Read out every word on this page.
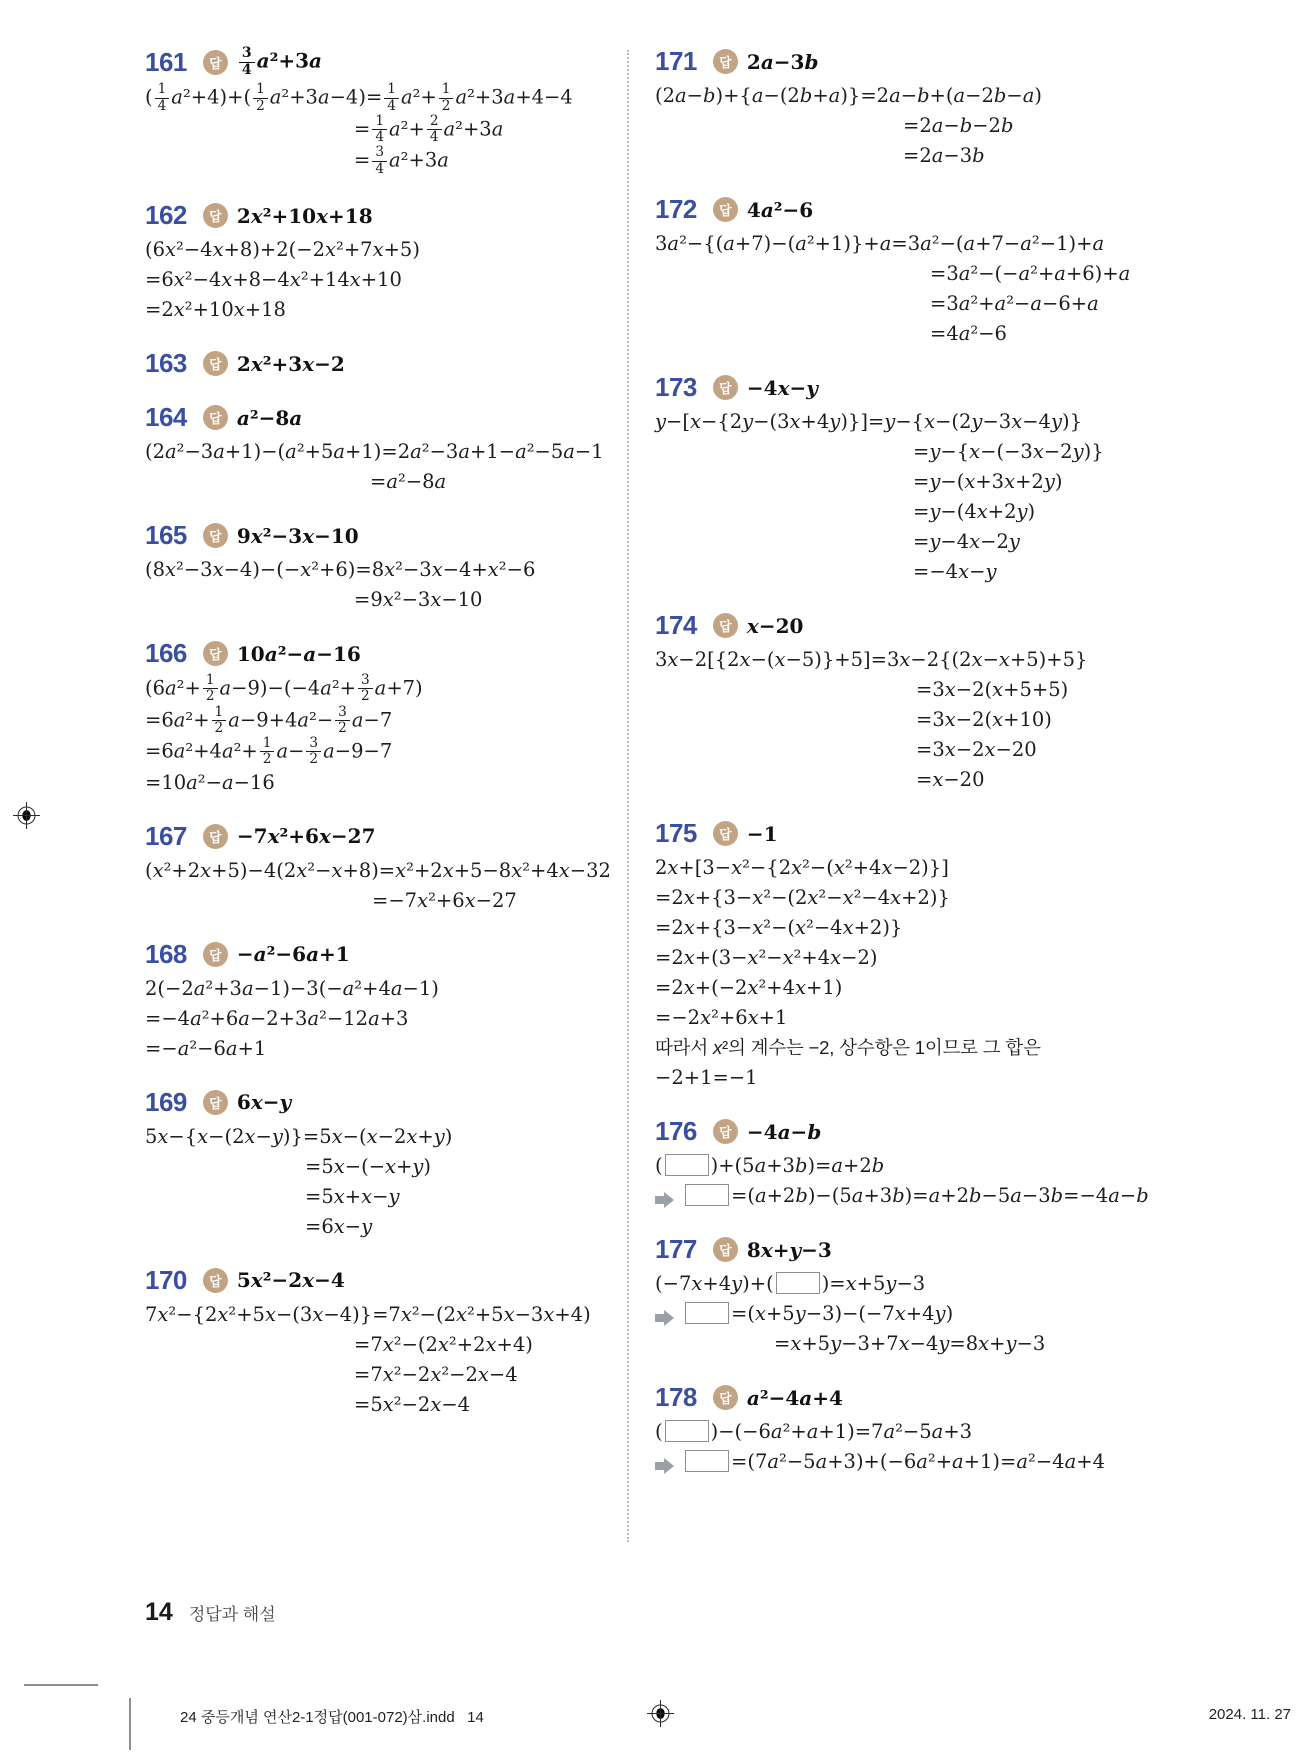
161	답	$\frac{3}{4} a^2+3a$
( $\frac{1}{4} a^2+4)+( \frac{1}{2} a^2+3a-4)= \frac{1}{4} a^2+ \frac{1}{2} a^2+3a+4-4$
= $\frac{1}{4} a^2+ \frac{2}{4} a^2+3a$
= $\frac{3}{4} a^2+3a$
162	답 2x²+10x+18
(6x²−4x+8)+2(−2x²+7x+5)
=6x²−4x+8−4x²+14x+10
=2x²+10x+18
163	답 2x²+3x−2
164	답 a²−8a
(2a²−3a+1)−(a²+5a+1)=2a²−3a+1−a²−5a−1
=a²−8a
165	답 9x²−3x−10
(8x²−3x−4)−(−x²+6)=8x²−3x−4+x²−6
=9x²−3x−10
166	답 10a²−a−16
$(6a^2+ \frac{1}{2} a-9)-(-4a^2+ \frac{3}{2} a+7)$
$=6a^2+ \frac{1}{2} a-9+4a^2- \frac{3}{2} a-7$
$=6a^2+4a^2+ \frac{1}{2} a- \frac{3}{2} a-9-7$
=10a²−a−16
167	답 −7x²+6x−27
(x²+2x+5)−4(2x²−x+8)=x²+2x+5−8x²+4x−32
=−7x²+6x−27
168	답 −a²−6a+1
2(−2a²+3a−1)−3(−a²+4a−1)
=−4a²+6a−2+3a²−12a+3
=−a²−6a+1
169	답 6x−y
5x−{x−(2x−y)}=5x−(x−2x+y)
=5x−(−x+y)
=5x+x−y
=6x−y
170	답 5x²−2x−4
7x²−{2x²+5x−(3x−4)}=7x²−(2x²+5x−3x+4)
=7x²−(2x²+2x+4)
=7x²−2x²−2x−4
=5x²−2x−4
171	답 2a−3b
(2a−b)+{a−(2b+a)}=2a−b+(a−2b−a)
=2a−b−2b
=2a−3b
172	답 4a²−6
3a²−{(a+7)−(a²+1)}+a=3a²−(a+7−a²−1)+a
=3a²−(−a²+a+6)+a
=3a²+a²−a−6+a
=4a²−6
173	답 −4x−y
y−[x−{2y−(3x+4y)}]=y−{x−(2y−3x−4y)}
=y−{x−(−3x−2y)}
=y−(x+3x+2y)
=y−(4x+2y)
=y−4x−2y
=−4x−y
174	답 x−20
3x−2[{2x−(x−5)}+5]=3x−2{(2x−x+5)+5}
=3x−2(x+5+5)
=3x−2(x+10)
=3x−2x−20
=x−20
175	답 −1
2x+[3−x²−{2x²−(x²+4x−2)}]
=2x+{3−x²−(2x²−x²−4x+2)}
=2x+{3−x²−(x²−4x+2)}
=2x+(3−x²−x²+4x−2)
=2x+(−2x²+4x+1)
=−2x²+6x+1
따라서 x²의 계수는 −2, 상수항은 1이므로 그 합은
−2+1=−1
176	답 −4a−b
( )+(5a+3b)=a+2b
=(a+2b)−(5a+3b)=a+2b−5a−3b=−4a−b
177	답 8x+y−3
(−7x+4y)+( )=x+5y−3
=(x+5y−3)−(−7x+4y)
=x+5y−3+7x−4y=8x+y−3
178	답 a²−4a+4
( )−(−6a²+a+1)=7a²−5a+3
=(7a²−5a+3)+(−6a²+a+1)=a²−4a+4
14 정답과 해설
24 중등개념 연산2-1정답(001-072)삼.indd   14	2024. 11. 27
